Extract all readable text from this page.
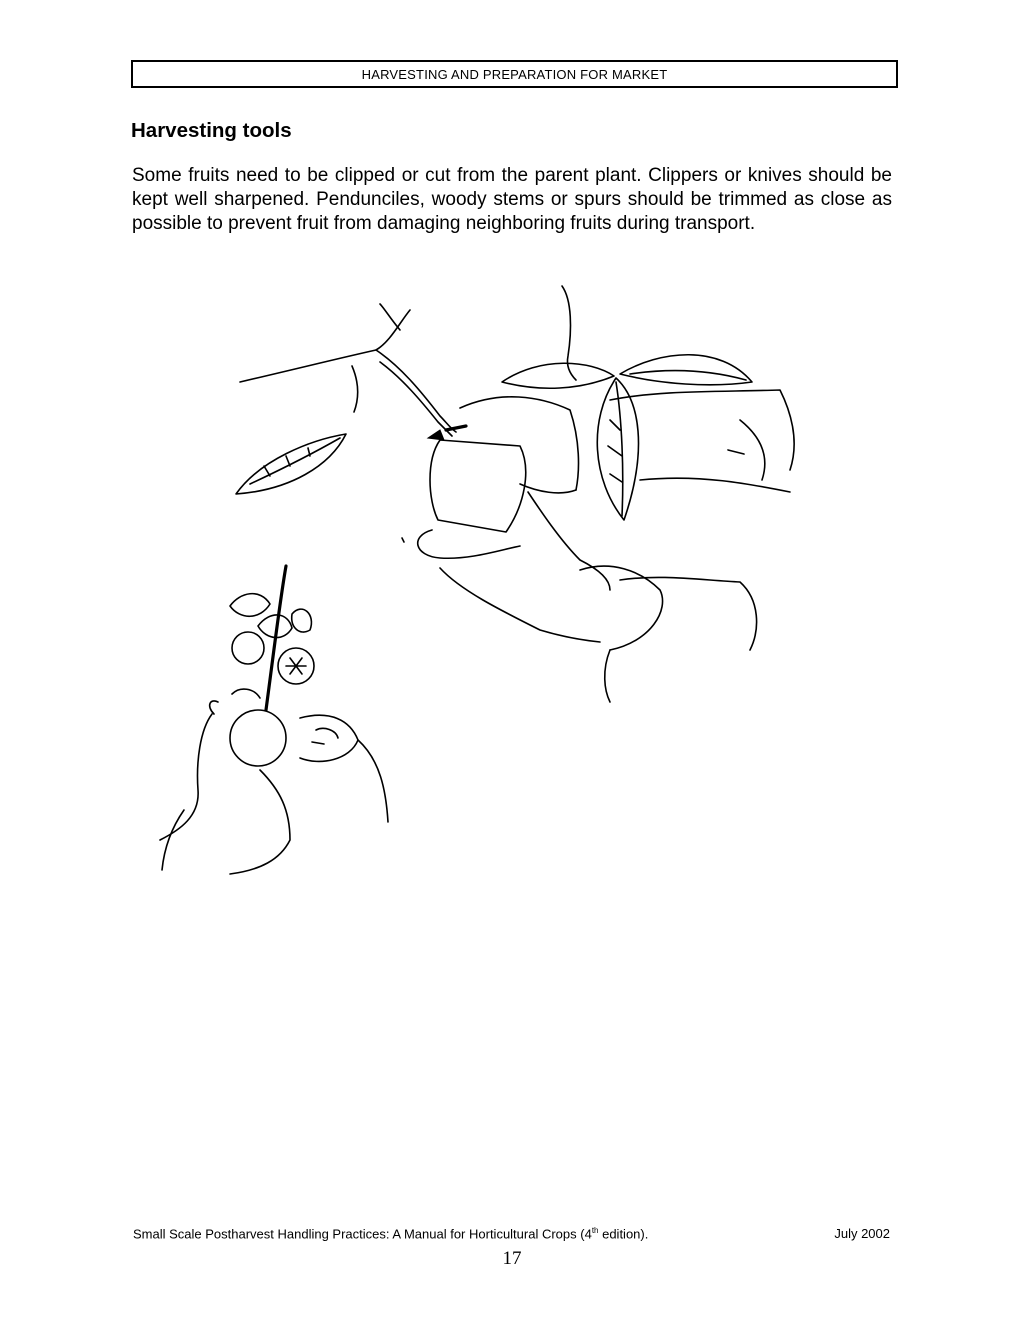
HARVESTING AND PREPARATION FOR MARKET
Harvesting tools

Some fruits need to be clipped or cut from the parent plant. Clippers or knives should be kept well sharpened. Pendunciles, woody stems or spurs should be trimmed as close as possible to prevent fruit from damaging neighboring fruits during transport.

Small Scale Postharvest Handling Practices: A Manual for Horticultural Crops (4th edition).	July 2002
17
